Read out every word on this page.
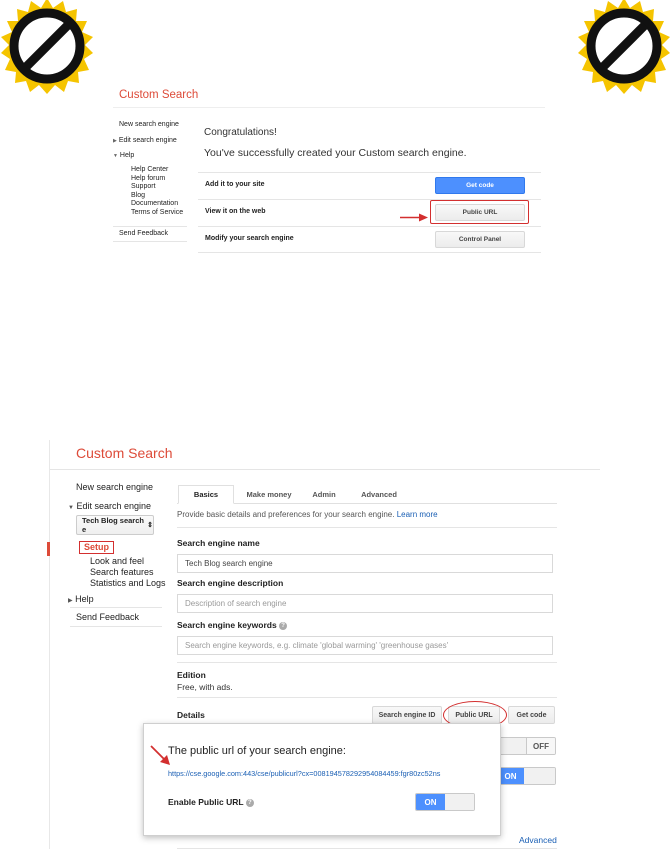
Custom Search
New search engine
▶ Edit search engine
▼ Help
Help Center
Help forum
Support
Blog
Documentation
Terms of Service
Send Feedback
Congratulations!
You've successfully created your Custom search engine.
Add it to your site	Get code
View it on the web	Public URL
Modify your search engine	Control Panel
Custom Search
New search engine
▼ Edit search engine
Tech Blog search e	⇕
Setup
Look and feel
Search features
Statistics and Logs
▶ Help
Send Feedback
Basics	Make money	Admin	Advanced
Provide basic details and preferences for your search engine. Learn more
Search engine name
Tech Blog search engine
Search engine description
Description of search engine
Search engine keywords ?
Search engine keywords, e.g. climate 'global warming' 'greenhouse gases'
Edition
Free, with ads.
Details	Search engine ID	Public URL	Get code
OFF
ON
Advanced
The public url of your search engine:
https://cse.google.com:443/cse/publicurl?cx=008194578292954084459:fgr80zc52ns
Enable Public URL ?	ON
